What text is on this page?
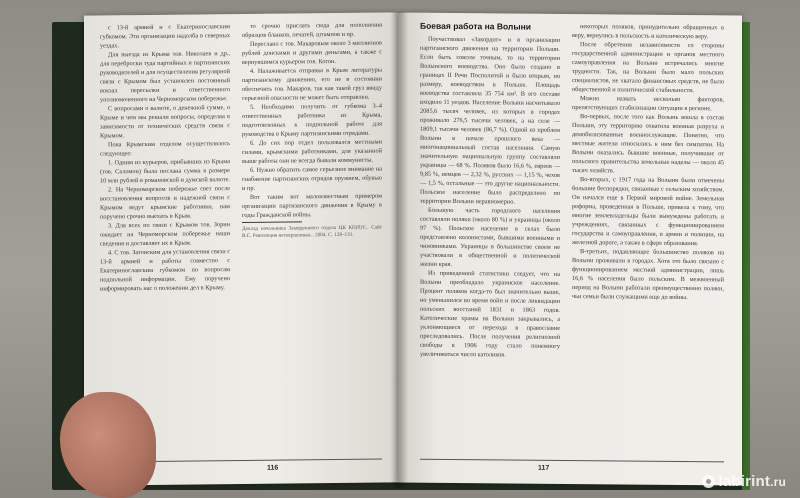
с 13-й армией и с Екатеринославским губкомом. Эти организации надолба в северных уездах.

Для выезда из Крыма тов. Николаев и др., для переброски туда партийных и партизанских руководителей и для осуществления регулярной связи с Крымом был установлен постоянный вокзал пересылки и ответственного уполномоченного на Черноморском побережье.

С вопросами о валюте, о денежной сумме, о Крыме и чем мы решали вопросы, определяя в зависимости от технических средств связи с Крымом.

Пока Крымским отделом осуществлялось следующее:

1. Одним из курьеров, прибывших из Крыма (тов. Саломон) была послана сумма в размере 10 млн рублей в романовской и думской валюте.

2. На Черноморском побережье свет после восстановления вопросов и надежной связи с Крымом ведут крымские работники, нам поручено срочно выехать в Крым.

3. Для всех по связи с Крымом тов. Зорин ожидает на Черноморском побережье наши сведения и доставляет их в Крым.

4. С тов. Затонским для установления связи с 13-й армией и работы совместно с Екатеринославским губкомом по вопросам подпольной информации. Ему поручено информировать нас о положении дел в Крыму.

то срочно прислать сюда для пополнения образцов бланков, печатей, штампов и пр.

Переслано с тов. Макаровым около 3 миллионов рублей донскими и другими деньгами, а также с вернувшимся курьером тов. Когон.

4. Налаживается отправка в Крым литературы партизанскому движению, его не в состоянии обеспечить тов. Макаров, так как такой груз ввиду серьезной опасности не может быть отправлен.

5. Необходимо получить от губкома 3–4 ответственных работника из Крыма, подготовленных к подпольной работе для руководства в Крыму партизанскими отрядами.

6. До сих пор отдел пользовался местными силами, крымскими работниками, для указанной выше работы они не всегда бывали коммунисты.

6. Нужно обратить самое серьезное внимание на снабжение партизанских отрядов оружием, обувью и пр.

Вот таким вот малоизвестным примером организации партизанского движения в Крыму в годы Гражданской войны.

Доклад начальника Закордонного отдела ЦК КП(б)У... Сайт В.С. Революция несвершенная... 2004. С. 128–131.

116
Боевая работа на Волыни

Поучаствовал «Закордот» и в организации партизанского движения на территории Польши. Если быть совсем точным, то на территории Волынского воеводства. Оно было создано в границах II Речи Посполитой и было вторым, по размеру, воеводством в Польше. Площадь воеводства составляла 35 754 км². В его составе входило 11 уездов. Население Волыни насчитывало 2085,6 тысяч человек, из которых в городах проживало 276,5 тысячи человек, а на селе — 1809,1 тысячи человек (86,7 %). Одной из проблем Волыни в начале прошлого века — многонациональный состав населения. Самую значительную национальную группу составляли украинцы — 68 %. Поляков было 16,6 %, евреев — 9,85 %, немцев — 2,32 %, русских — 1,15 %, чехов — 1,5 %, остальные — это другие национальности. Польское население было распределено по территории Волыни неравномерно.

Большую часть городского населения составляли поляки (около 80 %) и украинцы (около 97 %). Польское население в селах было представлено колонистами, бывшими военными и чиновниками. Украинцы в большинстве своем не участвовали в общественной и политической жизни края.

Из приведенной статистики следует, что на Волыни преобладало украинское население. Процент поляков когда-то был значительно выше, но уменьшился во время войн и после ликвидации польских восстаний 1831 и 1863 годов. Католические храмы на Волыни закрывались, а уклоняющиеся от перехода в православие преследовались. После получения религиозной свободы в 1906 году стало понемногу увеличиваться число католиков.

некоторых поляков, принудительно обращенных в веру, вернулись в польскость и католическую веру.

После обретения независимости со стороны государственной администрации и органов местного самоуправления на Волыни встречались многие трудности. Так, на Волыни было мало польских специалистов, не хватало финансовых средств, не было общественной и политической стабильности.

Можно назвать несколько факторов, препятствующих стабилизации ситуации в регионе.

Во-первых, после того как Волынь вошла в состав Польши, эту территорию охватила военная разруха и демобилизованные военнослужащие. Понятно, что местные жители относились к ним без симпатии. На Волыни оказались бывшие военные, получившие от польского правительства земельные наделы — около 45 тысяч хозяйств.

Во-вторых, с 1917 года на Волыни были отмечены большие беспорядки, связанные с сельским хозяйством. Он начался еще в Первой мировой войне. Земельная реформа, проведенная в Польше, привела к тому, что многие землевладельцы были вынуждены работать в учреждениях, связанных с функционированием государства и самоуправления, в армии и полиции, на железной дороге, а также в сфере образования.

В-третьих, подавляющее большинство поляков на Волыни проживали в городах. Хотя это было связано с функционированием местной администрации, лишь 16,6 % населения было польским. В межвоенный период на Волыни работали преимущественно поляки, чьи семьи были служащими еще до войны.

117
labirint.ru
